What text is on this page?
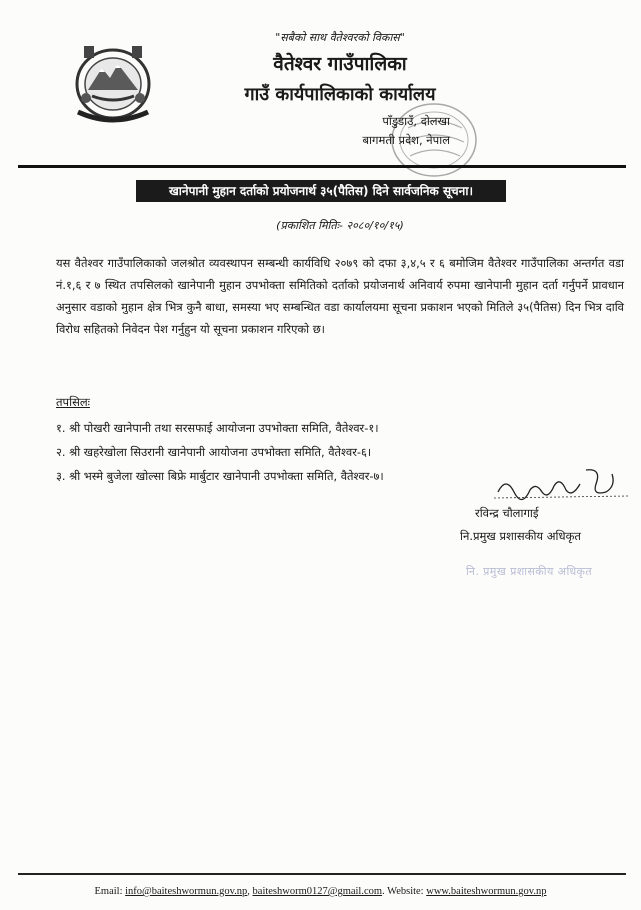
"सबैको साथ वैतेश्वरको विकास"
वैतेश्वर गाउँपालिका
गाउँ कार्यपालिकाको कार्यालय
पाँडुडाउँ, दोलखा
बागमती प्रदेश, नेपाल
खानेपानी मुहान दर्ताको प्रयोजनार्थ ३५(पैतिस) दिने सार्वजनिक सूचना।
(प्रकाशित मितिः- २०८०/१०/१५)
यस वैतेश्वर गाउँपालिकाको जलश्रोत व्यवस्थापन सम्बन्धी कार्यविधि २०७९ को दफा ३,४,५ र ६ बमोजिम वैतेश्वर गाउँपालिका अन्तर्गत वडा नं.१,६ र ७ स्थित तपसिलको खानेपानी मुहान उपभोक्ता समितिको दर्ताको प्रयोजनार्थ अनिवार्य रुपमा खानेपानी मुहान दर्ता गर्नुपर्ने प्रावधान अनुसार वडाको मुहान क्षेत्र भित्र कुनै बाधा, समस्या भए सम्बन्धित वडा कार्यालयमा सूचना प्रकाशन भएको मितिले ३५(पैतिस) दिन भित्र दावि विरोध सहितको निवेदन पेश गर्नुहुन यो सूचना प्रकाशन गरिएको छ।
तपसिलः
१. श्री पोखरी खानेपानी तथा सरसफाई आयोजना उपभोक्ता समिति, वैतेश्वर-१।
२. श्री खहरेखोला सिउरानी खानेपानी आयोजना उपभोक्ता समिति, वैतेश्वर-६।
३. श्री भस्मे बुजेला खोल्सा बिफ्रे मार्बुटार खानेपानी उपभोक्ता समिति, वैतेश्वर-७।
रविन्द्र चौलागाई
नि.प्रमुख प्रशासकीय अधिकृत
नि. प्रमुख प्रशासकीय अधिकृत
Email: info@baiteshwormun.gov.np, baiteshworm0127@gmail.com. Website: www.baiteshwormun.gov.np
